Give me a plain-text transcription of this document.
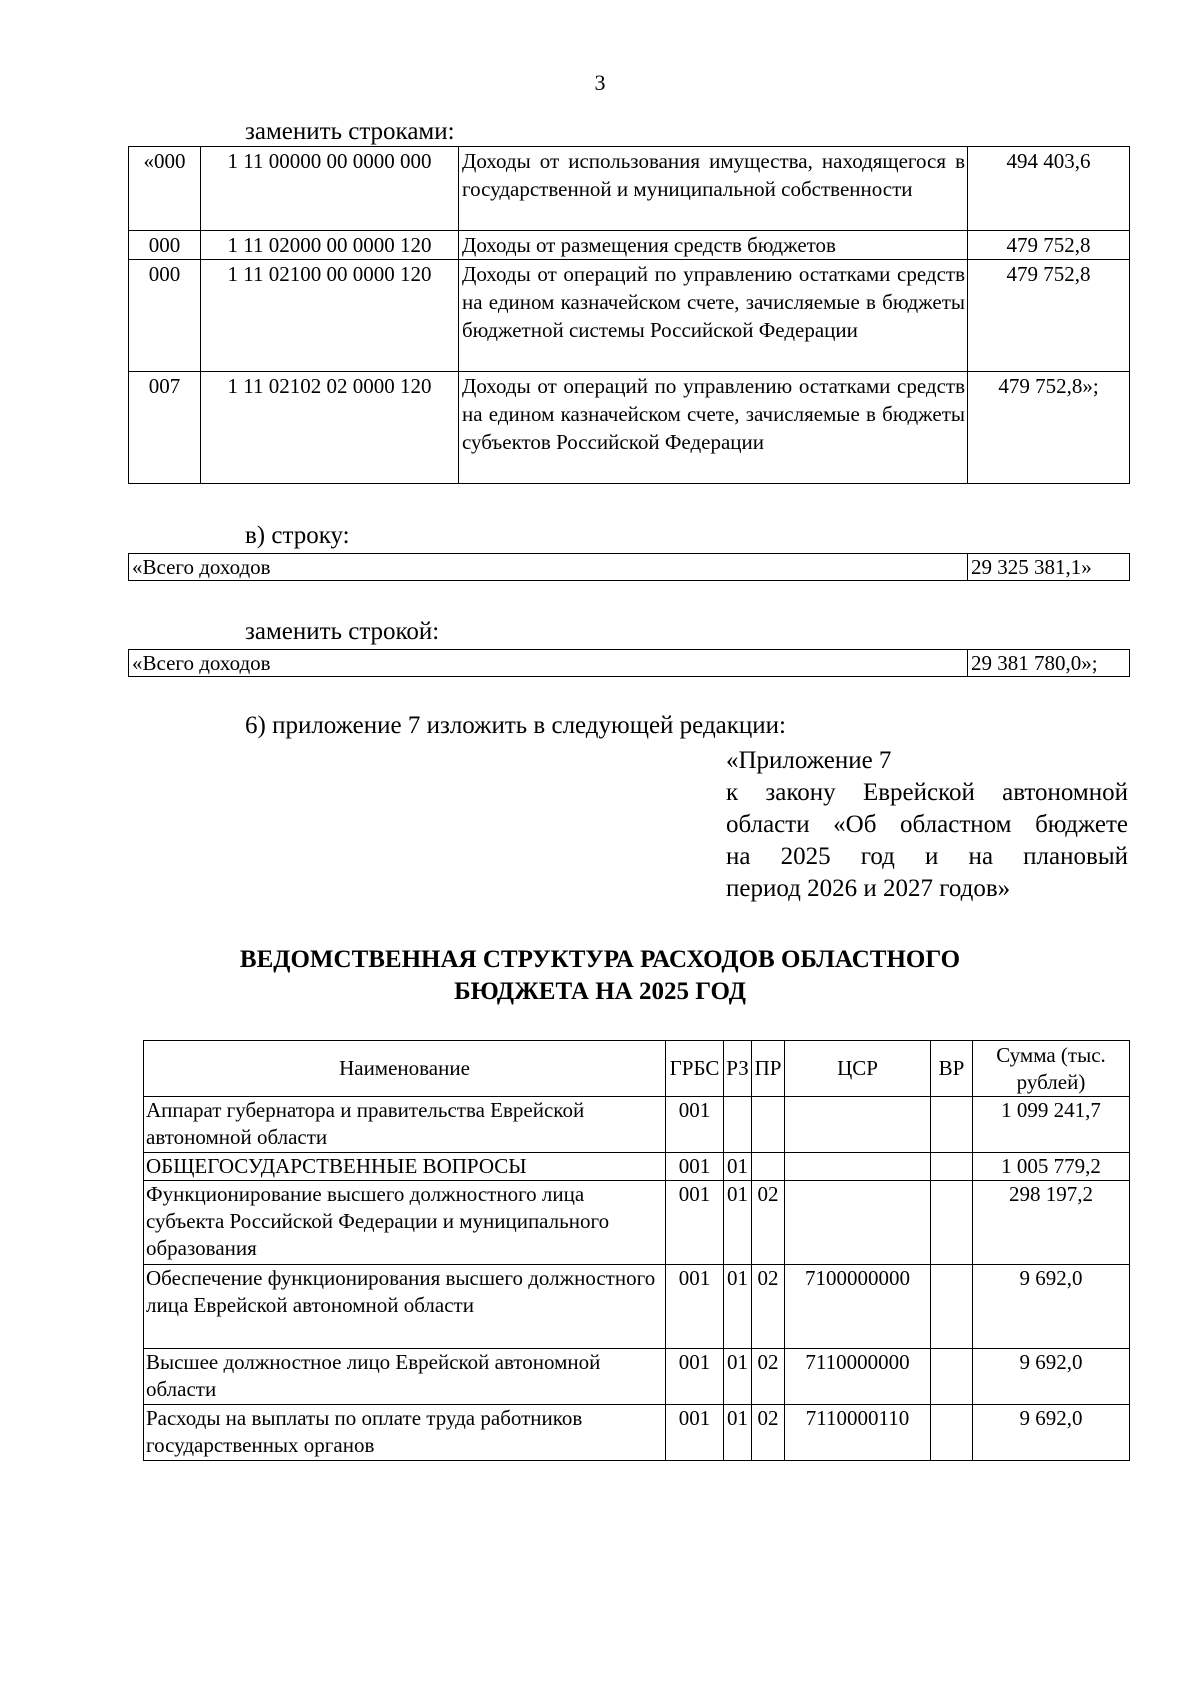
3
заменить строками:
«000	1 11 00000 00 0000 000	Доходы от использования имущества, находящегося в государственной и муниципальной собственности	494 403,6
000	1 11 02000 00 0000 120	Доходы от размещения средств бюджетов	479 752,8
000	1 11 02100 00 0000 120	Доходы от операций по управлению остатками средств на едином казначейском счете, зачисляемые в бюджеты бюджетной системы Российской Федерации	479 752,8
007	1 11 02102 02 0000 120	Доходы от операций по управлению остатками средств на едином казначейском счете, зачисляемые в бюджеты субъектов Российской Федерации	479 752,8»;
в) строку:
«Всего доходов	29 325 381,1»
заменить строкой:
«Всего доходов	29 381 780,0»;
6) приложение 7 изложить в следующей редакции:
«Приложение 7
к закону Еврейской автономной
области «Об областном бюджете
на 2025 год и на плановый
период 2026 и 2027 годов»
ВЕДОМСТВЕННАЯ СТРУКТУРА РАСХОДОВ ОБЛАСТНОГО
БЮДЖЕТА НА 2025 ГОД
Наименование	ГРБС	РЗ	ПР	ЦСР	ВР	Сумма (тыс. рублей)
Аппарат губернатора и правительства Еврейской автономной области	001					1 099 241,7
ОБЩЕГОСУДАРСТВЕННЫЕ ВОПРОСЫ	001	01				1 005 779,2
Функционирование высшего должностного лица субъекта Российской Федерации и муниципального образования	001	01	02			298 197,2
Обеспечение функционирования высшего должностного лица Еврейской автономной области	001	01	02	7100000000		9 692,0
Высшее должностное лицо Еврейской автономной области	001	01	02	7110000000		9 692,0
Расходы на выплаты по оплате труда работников государственных органов	001	01	02	7110000110		9 692,0
